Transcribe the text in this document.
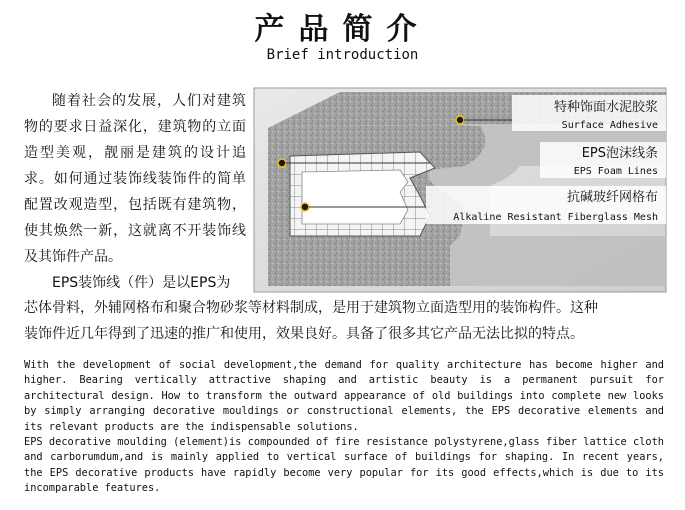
产品简介
Brief introduction

随着社会的发展，人们对建筑物的要求日益深化，建筑物的立面造型美观，靓丽是建筑的设计追求。如何通过装饰线装饰件的简单配置改观造型，包括既有建筑物，使其焕然一新，这就离不开装饰线及其饰件产品。

EPS装饰线（件）是以EPS为

特种饰面水泥胶浆
Surface Adhesive
EPS泡沫线条
EPS Foam Lines
抗碱玻纤网格布
Alkaline Resistant Fiberglass Mesh
芯体骨料，外辅网格布和聚合物砂浆等材料制成，是用于建筑物立面造型用的装饰构件。这种
装饰件近几年得到了迅速的推广和使用，效果良好。具备了很多其它产品无法比拟的特点。

With the development of social development,the demand for quality architecture has become higher and higher. Bearing vertically attractive shaping and artistic beauty is a permanent pursuit for architectural design. How to transform the outward appearance of old buildings into complete new looks by simply arranging decorative mouldings or constructional elements, the EPS decorative elements and its relevant products are the indispensable solutions.

EPS decorative moulding (element)is compounded of fire resistance polystyrene,glass fiber lattice cloth and carborumdum,and is mainly applied to vertical surface of buildings for shaping. In recent years, the EPS decorative products have rapidly become very popular for its good effects,which is due to its incomparable features.
